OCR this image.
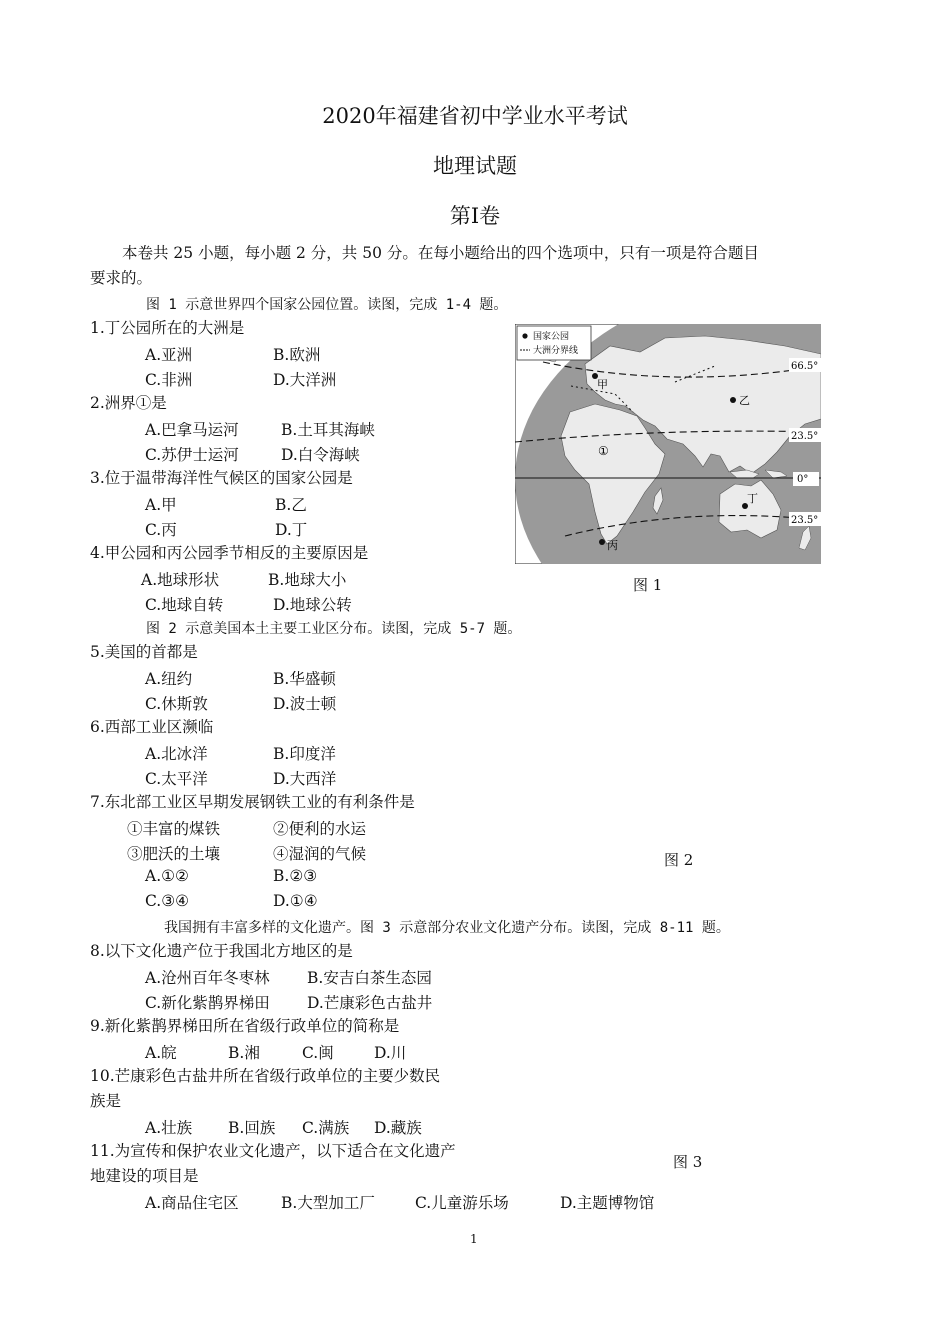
2020年福建省初中学业水平考试
地理试题
第Ⅰ卷
本卷共 25 小题，每小题 2 分，共 50 分。在每小题给出的四个选项中，只有一项是符合题目
要求的。
图 1 示意世界四个国家公园位置。读图，完成 1-4 题。
1.丁公园所在的大洲是
A.亚洲	B.欧洲
C.非洲	D.大洋洲
2.洲界①是
A.巴拿马运河	B.土耳其海峡
C.苏伊士运河	D.白令海峡
3.位于温带海洋性气候区的国家公园是
A.甲	B.乙
C.丙	D.丁
4.甲公园和丙公园季节相反的主要原因是
A.地球形状	B.地球大小
C.地球自转	D.地球公转
图 2 示意美国本土主要工业区分布。读图，完成 5-7 题。
5.美国的首都是
A.纽约	B.华盛顿
C.休斯敦	D.波士顿
6.西部工业区濒临
A.北冰洋	B.印度洋
C.太平洋	D.大西洋
7.东北部工业区早期发展钢铁工业的有利条件是
①丰富的煤铁	②便利的水运
③肥沃的土壤	④湿润的气候
A.①②	B.②③
C.③④	D.①④
我国拥有丰富多样的文化遗产。图 3 示意部分农业文化遗产分布。读图，完成 8-11 题。
8.以下文化遗产位于我国北方地区的是
A.沧州百年冬枣林 B.安吉白茶生态园
C.新化紫鹊界梯田 D.芒康彩色古盐井
9.新化紫鹊界梯田所在省级行政单位的简称是
A.皖	B.湘	C.闽	D.川
10.芒康彩色古盐井所在省级行政单位的主要少数民
族是
A.壮族 B.回族 C.满族 D.藏族
11.为宣传和保护农业文化遗产，以下适合在文化遗产
地建设的项目是
A.商品住宅区	B.大型加工厂	C.儿童游乐场	D.主题博物馆
国家公园
大洲分界线
66.5°
23.5°
0°
23.5°
甲
乙
丙
丁
①
图 1
图 2
图 3
1
